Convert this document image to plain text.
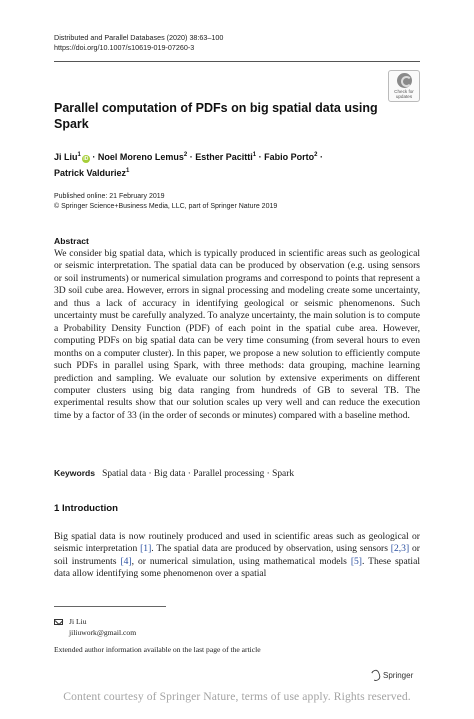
Distributed and Parallel Databases (2020) 38:63–100
https://doi.org/10.1007/s10619-019-07260-3
Check for
updates
Parallel computation of PDFs on big spatial data using Spark
Ji Liu$^1$iD · Noel Moreno Lemus$^2$ · Esther Pacitti$^1$ · Fabio Porto$^2$ · Patrick Valduriez$^1$
Published online: 21 February 2019
© Springer Science+Business Media, LLC, part of Springer Nature 2019
Abstract

We consider big spatial data, which is typically produced in scientific areas such as geological or seismic interpretation. The spatial data can be produced by observation (e.g. using sensors or soil instruments) or numerical simulation programs and correspond to points that represent a 3D soil cube area. However, errors in signal processing and modeling create some uncertainty, and thus a lack of accuracy in identifying geological or seismic phenomenons. Such uncertainty must be carefully analyzed. To analyze uncertainty, the main solution is to compute a Probability Density Function (PDF) of each point in the spatial cube area. However, computing PDFs on big spatial data can be very time consuming (from several hours to even months on a computer cluster). In this paper, we propose a new solution to efficiently compute such PDFs in parallel using Spark, with three methods: data grouping, machine learning prediction and sampling. We evaluate our solution by extensive experiments on different computer clusters using big data ranging from hundreds of GB to several TB. The experimental results show that our solution scales up very well and can reduce the execution time by a factor of 33 (in the order of seconds or minutes) compared with a baseline method.

Keywords Spatial data · Big data · Parallel processing · Spark
1 Introduction

Big spatial data is now routinely produced and used in scientific areas such as geological or seismic interpretation [1]. The spatial data are produced by observation, using sensors [2,3] or soil instruments [4], or numerical simulation, using mathematical models [5]. These spatial data allow identifying some phenomenon over a spatial

Ji Liu
jiliuwork@gmail.com
Extended author information available on the last page of the article
Springer
Content courtesy of Springer Nature, terms of use apply. Rights reserved.
